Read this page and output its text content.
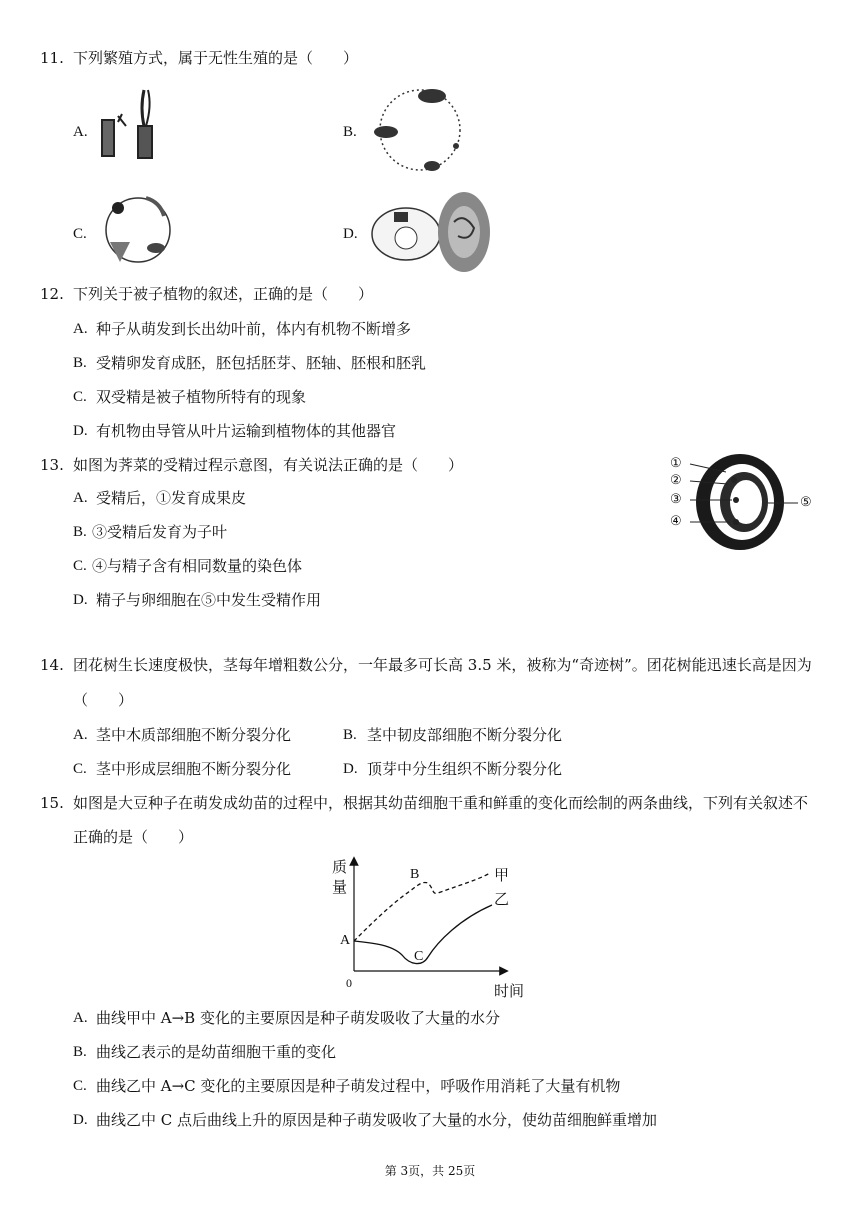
11. 下列繁殖方式，属于无性生殖的是（　　）
A.	B.
C.	D.
12. 下列关于被子植物的叙述，正确的是（　　）
A. 种子从萌发到长出幼叶前，体内有机物不断增多
B. 受精卵发育成胚，胚包括胚芽、胚轴、胚根和胚乳
C. 双受精是被子植物所特有的现象
D. 有机物由导管从叶片运输到植物体的其他器官
13. 如图为荠菜的受精过程示意图，有关说法正确的是（　　）
A. 受精后，①发育成果皮
B. ③受精后发育为子叶
C. ④与精子含有相同数量的染色体
D. 精子与卵细胞在⑤中发生受精作用
①
②
③
④
⑤
14. 团花树生长速度极快，茎每年增粗数公分，一年最多可长高 3.5 米，被称为“奇迹树”。团花树能迅速长高是因为
（　　）
A. 茎中木质部细胞不断分裂分化	B. 茎中韧皮部细胞不断分裂分化
C. 茎中形成层细胞不断分裂分化	D. 顶芽中分生组织不断分裂分化
15. 如图是大豆种子在萌发成幼苗的过程中，根据其幼苗细胞干重和鲜重的变化而绘制的两条曲线，下列有关叙述不
正确的是（　　）
质
量
A
B
C
甲
乙
0	时间
A. 曲线甲中 A→B 变化的主要原因是种子萌发吸收了大量的水分
B. 曲线乙表示的是幼苗细胞干重的变化
C. 曲线乙中 A→C 变化的主要原因是种子萌发过程中，呼吸作用消耗了大量有机物
D. 曲线乙中 C 点后曲线上升的原因是种子萌发吸收了大量的水分，使幼苗细胞鲜重增加
第 3页，共 25页
